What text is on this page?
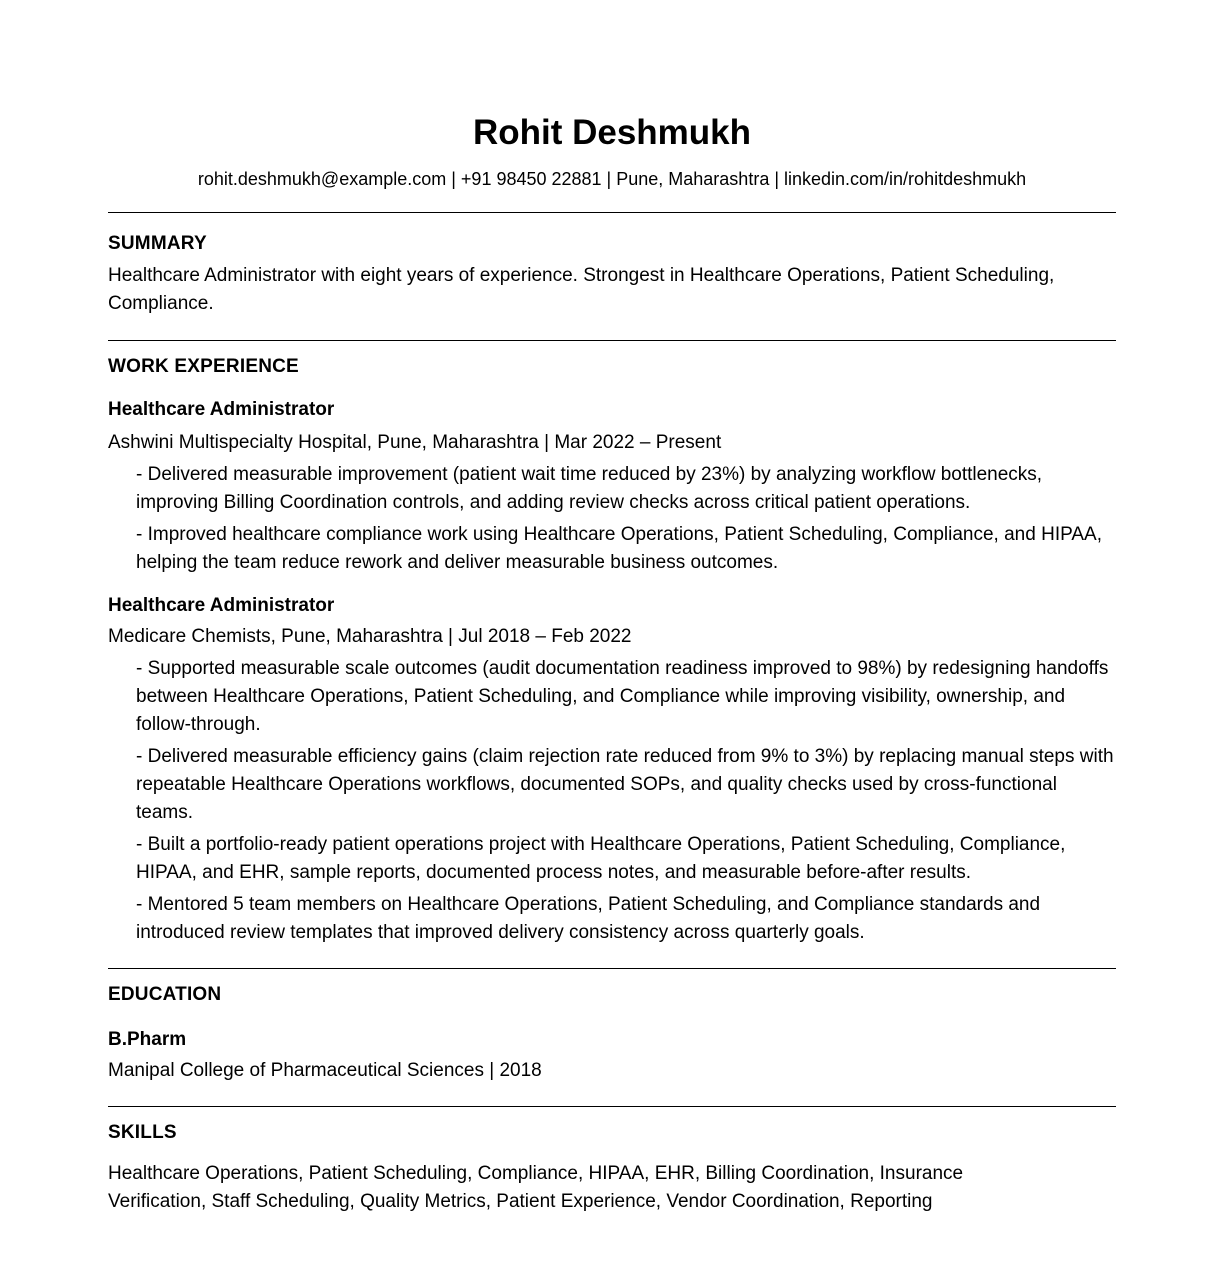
Rohit Deshmukh
rohit.deshmukh@example.com | +91 98450 22881 | Pune, Maharashtra | linkedin.com/in/rohitdeshmukh
SUMMARY

Healthcare Administrator with eight years of experience. Strongest in Healthcare Operations, Patient Scheduling, Compliance.

WORK EXPERIENCE
Healthcare Administrator
Ashwini Multispecialty Hospital, Pune, Maharashtra | Mar 2022 – Present
- Delivered measurable improvement (patient wait time reduced by 23%) by analyzing workflow bottlenecks, improving Billing Coordination controls, and adding review checks across critical patient operations.
- Improved healthcare compliance work using Healthcare Operations, Patient Scheduling, Compliance, and HIPAA, helping the team reduce rework and deliver measurable business outcomes.
Healthcare Administrator
Medicare Chemists, Pune, Maharashtra | Jul 2018 – Feb 2022
- Supported measurable scale outcomes (audit documentation readiness improved to 98%) by redesigning handoffs between Healthcare Operations, Patient Scheduling, and Compliance while improving visibility, ownership, and follow-through.
- Delivered measurable efficiency gains (claim rejection rate reduced from 9% to 3%) by replacing manual steps with repeatable Healthcare Operations workflows, documented SOPs, and quality checks used by cross-functional teams.
- Built a portfolio-ready patient operations project with Healthcare Operations, Patient Scheduling, Compliance, HIPAA, and EHR, sample reports, documented process notes, and measurable before-after results.
- Mentored 5 team members on Healthcare Operations, Patient Scheduling, and Compliance standards and introduced review templates that improved delivery consistency across quarterly goals.
EDUCATION
B.Pharm
Manipal College of Pharmaceutical Sciences | 2018
SKILLS

Healthcare Operations, Patient Scheduling, Compliance, HIPAA, EHR, Billing Coordination, Insurance Verification, Staff Scheduling, Quality Metrics, Patient Experience, Vendor Coordination, Reporting
